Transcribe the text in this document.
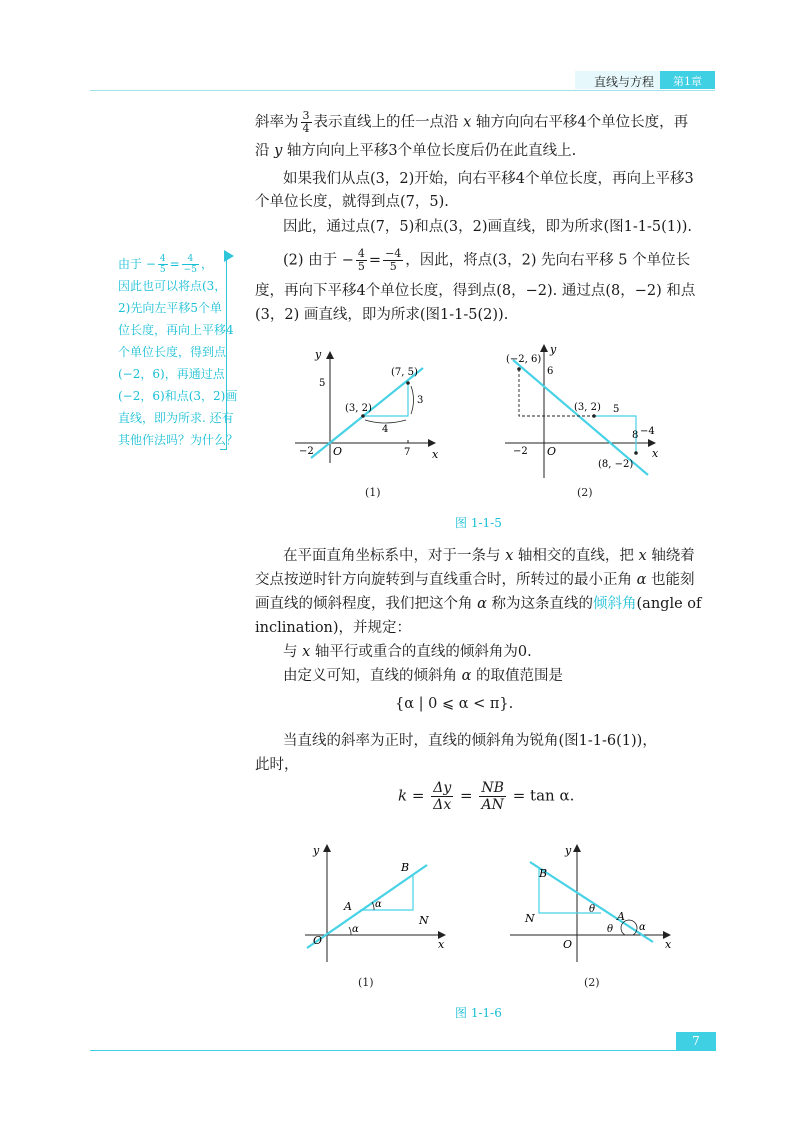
直线与方程	第1章
斜率为 $\frac{3}{4}$ 表示直线上的任一点沿 x 轴方向向右平移4个单位长度，再
沿 y 轴方向向上平移3个单位长度后仍在此直线上.
如果我们从点(3，2)开始，向右平移4个单位长度，再向上平移3
个单位长度，就得到点(7，5).
因此，通过点(7，5)和点(3，2)画直线，即为所求(图1-1-5(1)).
(2) 由于 − $\frac{4}{5} = \frac{-4}{5}$ ，因此，将点(3，2) 先向右平移 5 个单位长
度，再向下平移4个单位长度，得到点(8，−2). 通过点(8，−2) 和点
(3，2) 画直线，即为所求(图1-1-5(2)).
由于 − $\frac{4}{5} = \frac{4}{-5}$ ，
因此也可以将点(3，
2)先向左平移5个单
位长度，再向上平移4
个单位长度，得到点
(−2，6)，再通过点
(−2，6)和点(3，2)画
直线，即为所求. 还有
其他作法吗？为什么？
y
x
O
5
−2	7
(3, 2)
(7, 5)
4
3
(1)
y
x
O
6
−2
8
(−2, 6)
(3, 2)
(8, −2)
5
−4
(2)
图 1-1-5
在平面直角坐标系中，对于一条与 x 轴相交的直线，把 x 轴绕着
交点按逆时针方向旋转到与直线重合时，所转过的最小正角 α 也能刻
画直线的倾斜程度，我们把这个角 α 称为这条直线的倾斜角(angle of
inclination)，并规定：
与 x 轴平行或重合的直线的倾斜角为0.
由定义可知，直线的倾斜角 α 的取值范围是
{α | 0 ⩽ α < π}.
当直线的斜率为正时，直线的倾斜角为锐角(图1-1-6(1))，
此时，
$k = \frac{\Delta y}{\Delta x} = \frac{NB}{AN} = \tan \alpha$.
y
x
O
A
B
N
α
α
(1)
y
x
O
A
B
N
θ
θ	α
(2)
图 1-1-6
7
